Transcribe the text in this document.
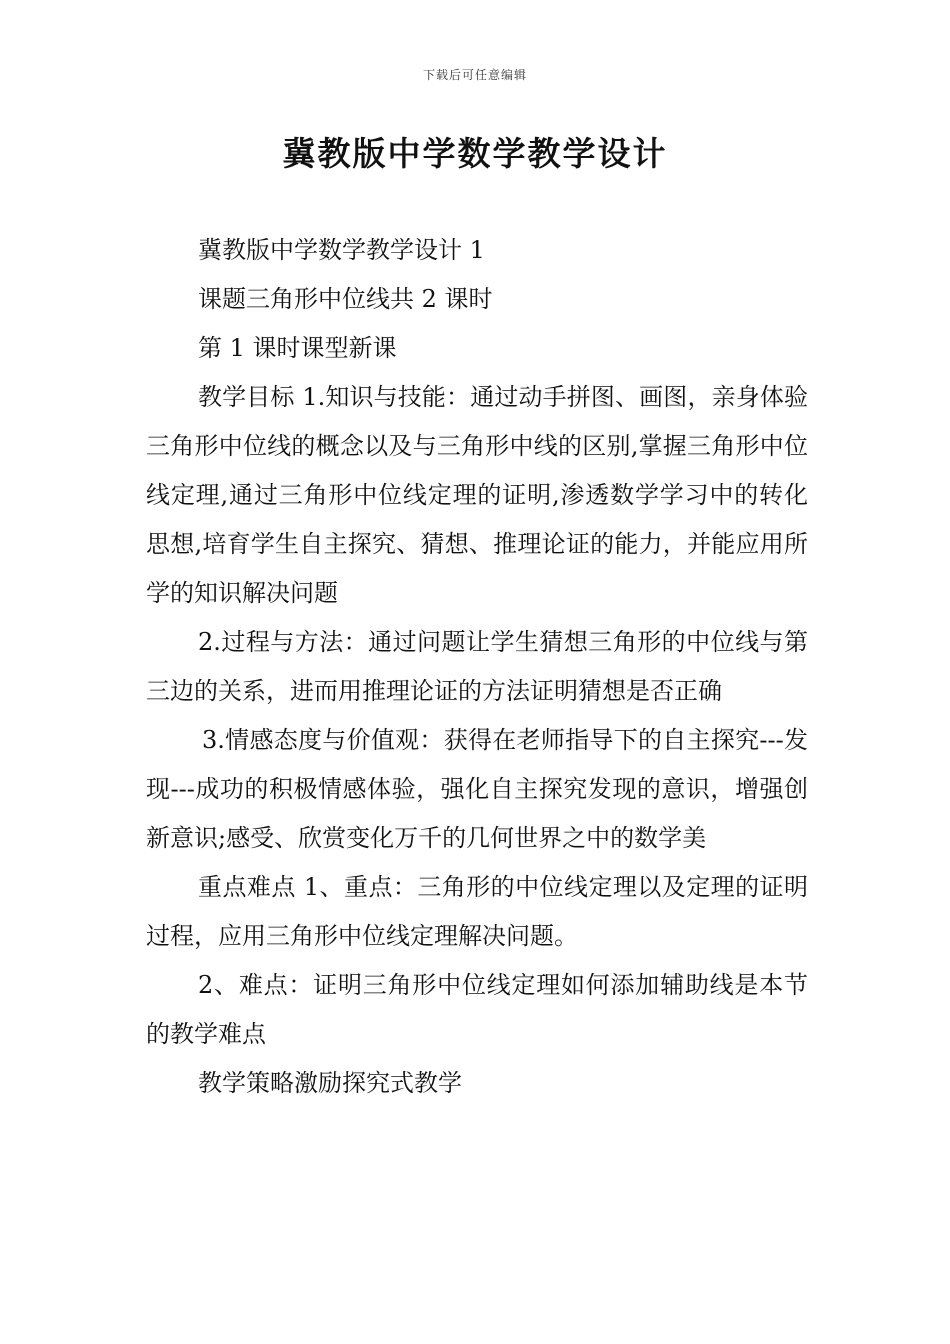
下载后可任意编辑
冀教版中学数学教学设计

冀教版中学数学教学设计 1

课题三角形中位线共 2 课时

第 1 课时课型新课

教学目标 1.知识与技能：通过动手拼图、画图，亲身体验三角形中位线的概念以及与三角形中线的区别,掌握三角形中位线定理,通过三角形中位线定理的证明,渗透数学学习中的转化思想,培育学生自主探究、猜想、推理论证的能力，并能应用所学的知识解决问题

2.过程与方法：通过问题让学生猜想三角形的中位线与第三边的关系，进而用推理论证的方法证明猜想是否正确

3.情感态度与价值观：获得在老师指导下的自主探究---发现---成功的积极情感体验，强化自主探究发现的意识，增强创新意识;感受、欣赏变化万千的几何世界之中的数学美

重点难点 1、重点：三角形的中位线定理以及定理的证明过程，应用三角形中位线定理解决问题。

2、难点：证明三角形中位线定理如何添加辅助线是本节的教学难点

教学策略激励探究式教学
